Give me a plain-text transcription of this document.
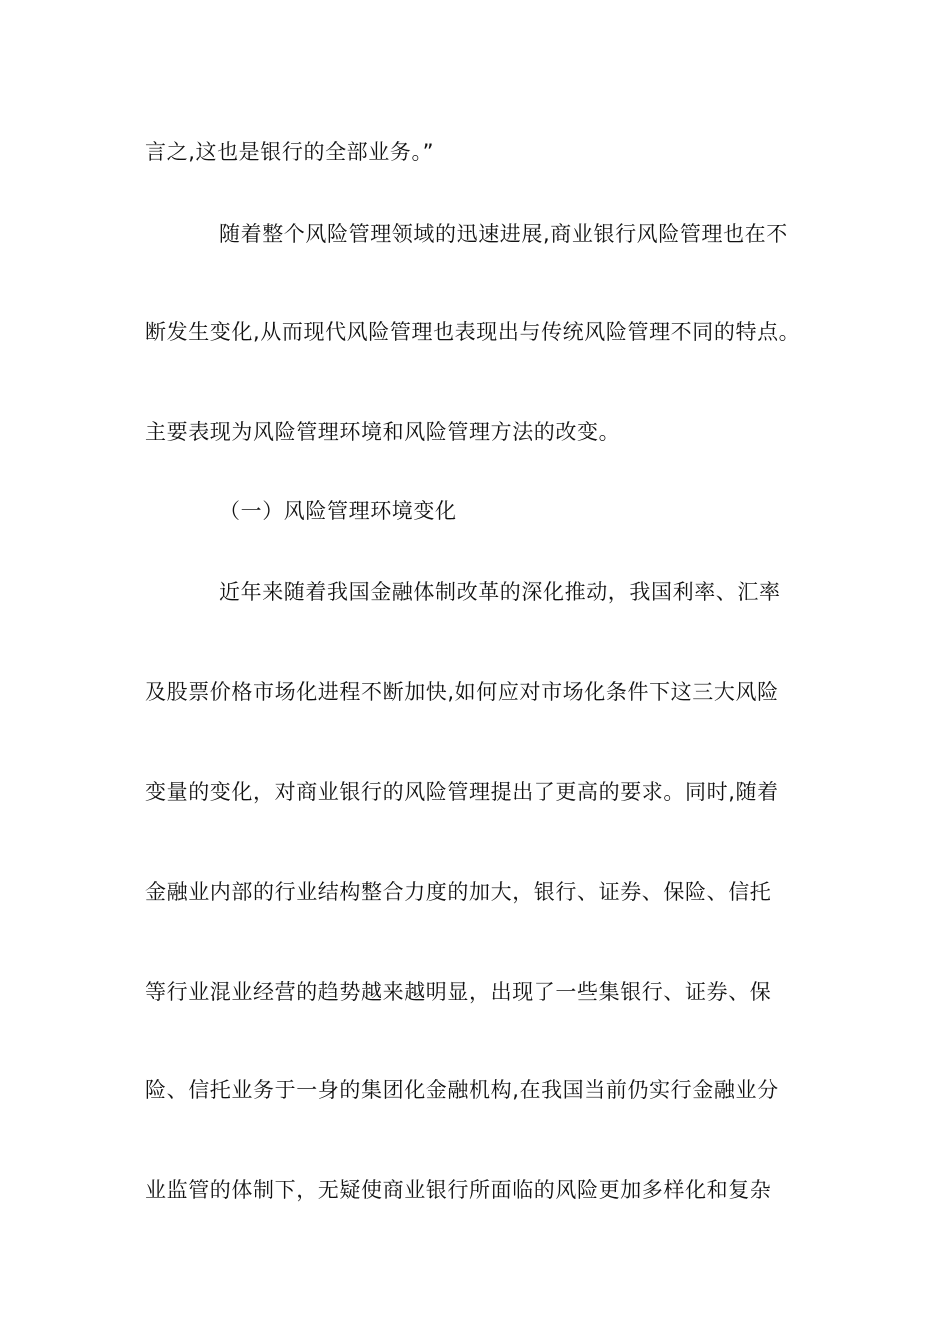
言之,这也是银行的全部业务。”
随着整个风险管理领域的迅速进展,商业银行风险管理也在不
断发生变化,从而现代风险管理也表现出与传统风险管理不同的特点。
主要表现为风险管理环境和风险管理方法的改变。
（一）风险管理环境变化
近年来随着我国金融体制改革的深化推动，我国利率、汇率
及股票价格市场化进程不断加快,如何应对市场化条件下这三大风险
变量的变化，对商业银行的风险管理提出了更高的要求。同时,随着
金融业内部的行业结构整合力度的加大，银行、证券、保险、信托
等行业混业经营的趋势越来越明显，出现了一些集银行、证券、保
险、信托业务于一身的集团化金融机构,在我国当前仍实行金融业分
业监管的体制下，无疑使商业银行所面临的风险更加多样化和复杂
